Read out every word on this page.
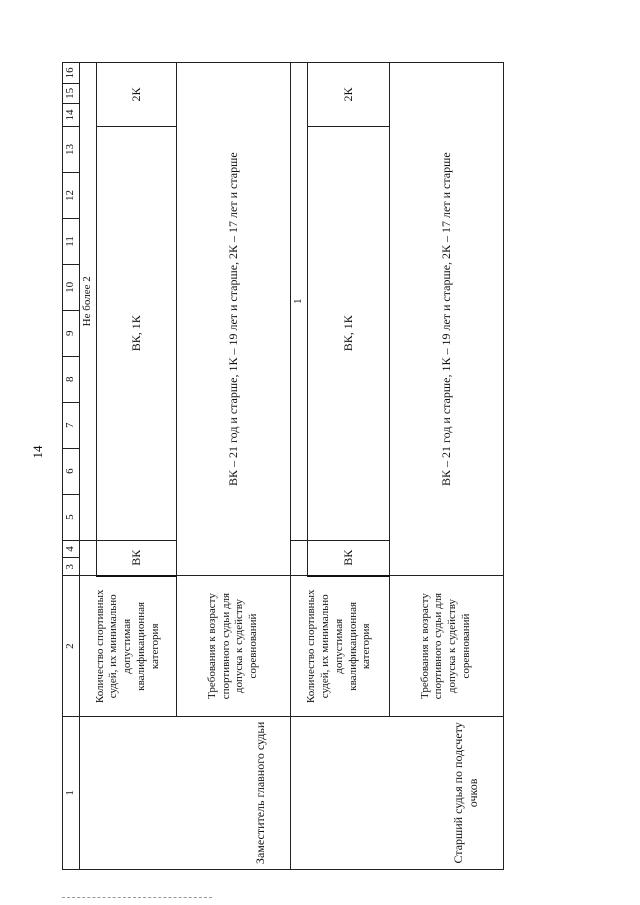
14
1	2	3	4	5	6	7	8	9	10	11	12	13	14	15	16
Заместитель главного судьи	Количество спортивных судей, их минимально допустимая квалификационная категория			Не более 2											
		ВК		ВК, 1К									2К		
	Требования к возрасту спортивного судьи для допуска к судейству соревнований	ВК – 21 год и старше, 1К – 19 лет и старше, 2К – 17 лет и старше													
Старший судья по подсчету очков	Количество спортивных судей, их минимально допустимая квалификационная категория			1											
		ВК		ВК, 1К									2К		
	Требования к возрасту спортивного судьи для допуска к судейству соревнований	ВК – 21 год и старше, 1К – 19 лет и старше, 2К – 17 лет и старше													
